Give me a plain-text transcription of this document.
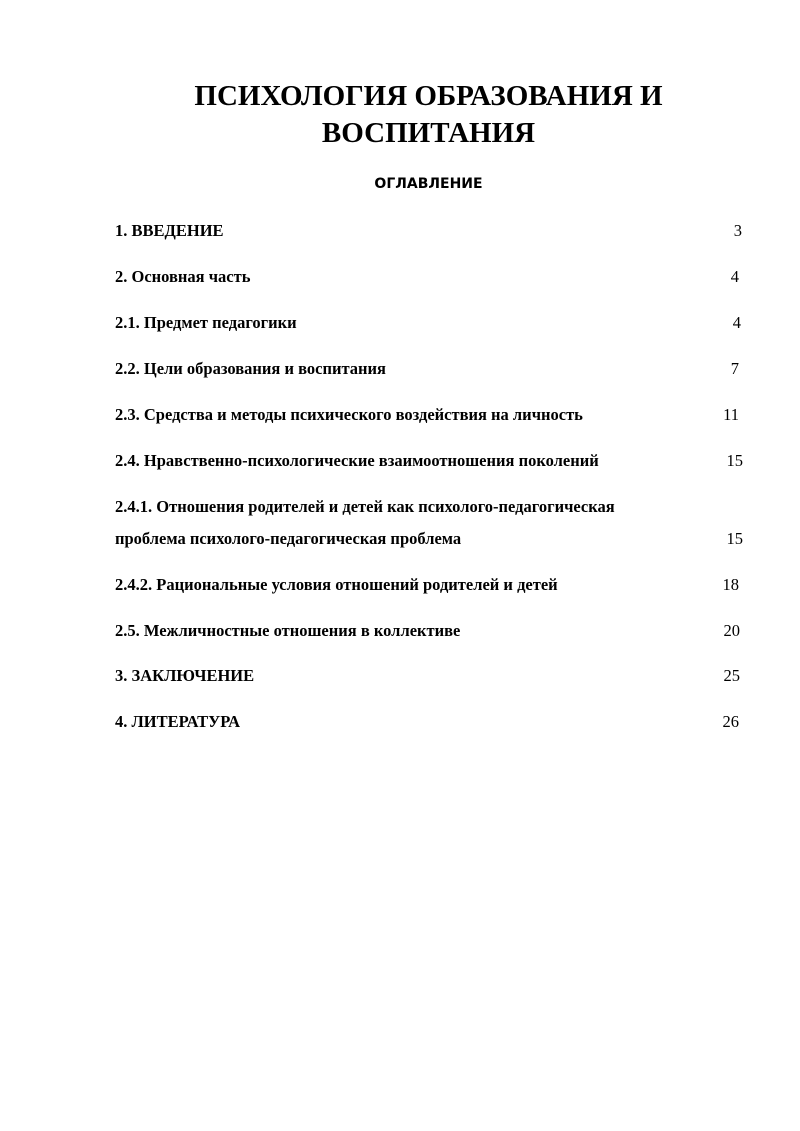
ПСИХОЛОГИЯ ОБРАЗОВАНИЯ И
ВОСПИТАНИЯ
ОГЛАВЛЕНИЕ
1. ВВЕДЕНИЕ	3
2. Основная часть	4
2.1. Предмет педагогики	4
2.2. Цели образования и воспитания	7
2.3. Средства и методы психического воздействия на личность	11
2.4. Нравственно-психологические взаимоотношения поколений	15
2.4.1. Отношения родителей и детей как психолого-педагогическая
проблема психолого-педагогическая проблема	15
2.4.2. Рациональные условия отношений родителей и детей	18
2.5. Межличностные отношения в коллективе	20
3. ЗАКЛЮЧЕНИЕ	25
4. ЛИТЕРАТУРА	26
